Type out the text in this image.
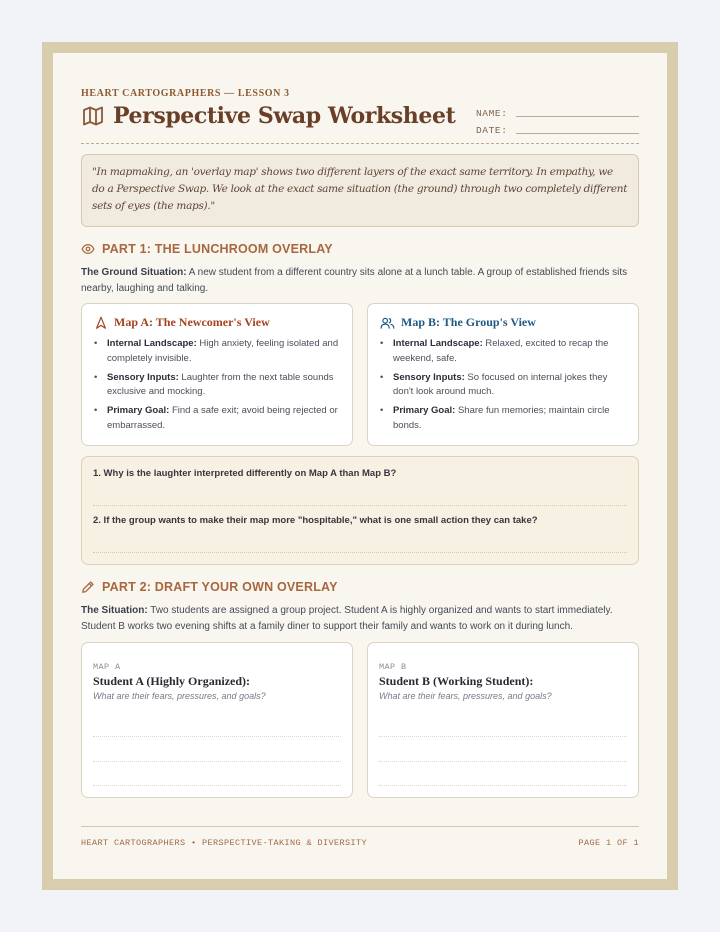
HEART CARTOGRAPHERS — LESSON 3
Perspective Swap Worksheet NAME:
DATE:
"In mapmaking, an 'overlay map' shows two different layers of the exact same territory. In empathy, we do a Perspective Swap. We look at the exact same situation (the ground) through two completely different sets of eyes (the maps)."
PART 1: THE LUNCHROOM OVERLAY

The Ground Situation: A new student from a different country sits alone at a lunch table. A group of established friends sits nearby, laughing and talking.

Map A: The Newcomer's View
• Internal Landscape: High anxiety, feeling isolated and completely invisible.
• Sensory Inputs: Laughter from the next table sounds exclusive and mocking.
• Primary Goal: Find a safe exit; avoid being rejected or embarrassed.
Map B: The Group's View
• Internal Landscape: Relaxed, excited to recap the weekend, safe.
• Sensory Inputs: So focused on internal jokes they don't look around much.
• Primary Goal: Share fun memories; maintain circle bonds.
1. Why is the laughter interpreted differently on Map A than Map B?
2. If the group wants to make their map more "hospitable," what is one small action they can take?
PART 2: DRAFT YOUR OWN OVERLAY

The Situation: Two students are assigned a group project. Student A is highly organized and wants to start immediately. Student B works two evening shifts at a family diner to support their family and wants to work on it during lunch.

MAP A
Student A (Highly Organized):
What are their fears, pressures, and goals?
MAP B
Student B (Working Student):
What are their fears, pressures, and goals?
HEART CARTOGRAPHERS • PERSPECTIVE-TAKING & DIVERSITY	PAGE 1 OF 1
